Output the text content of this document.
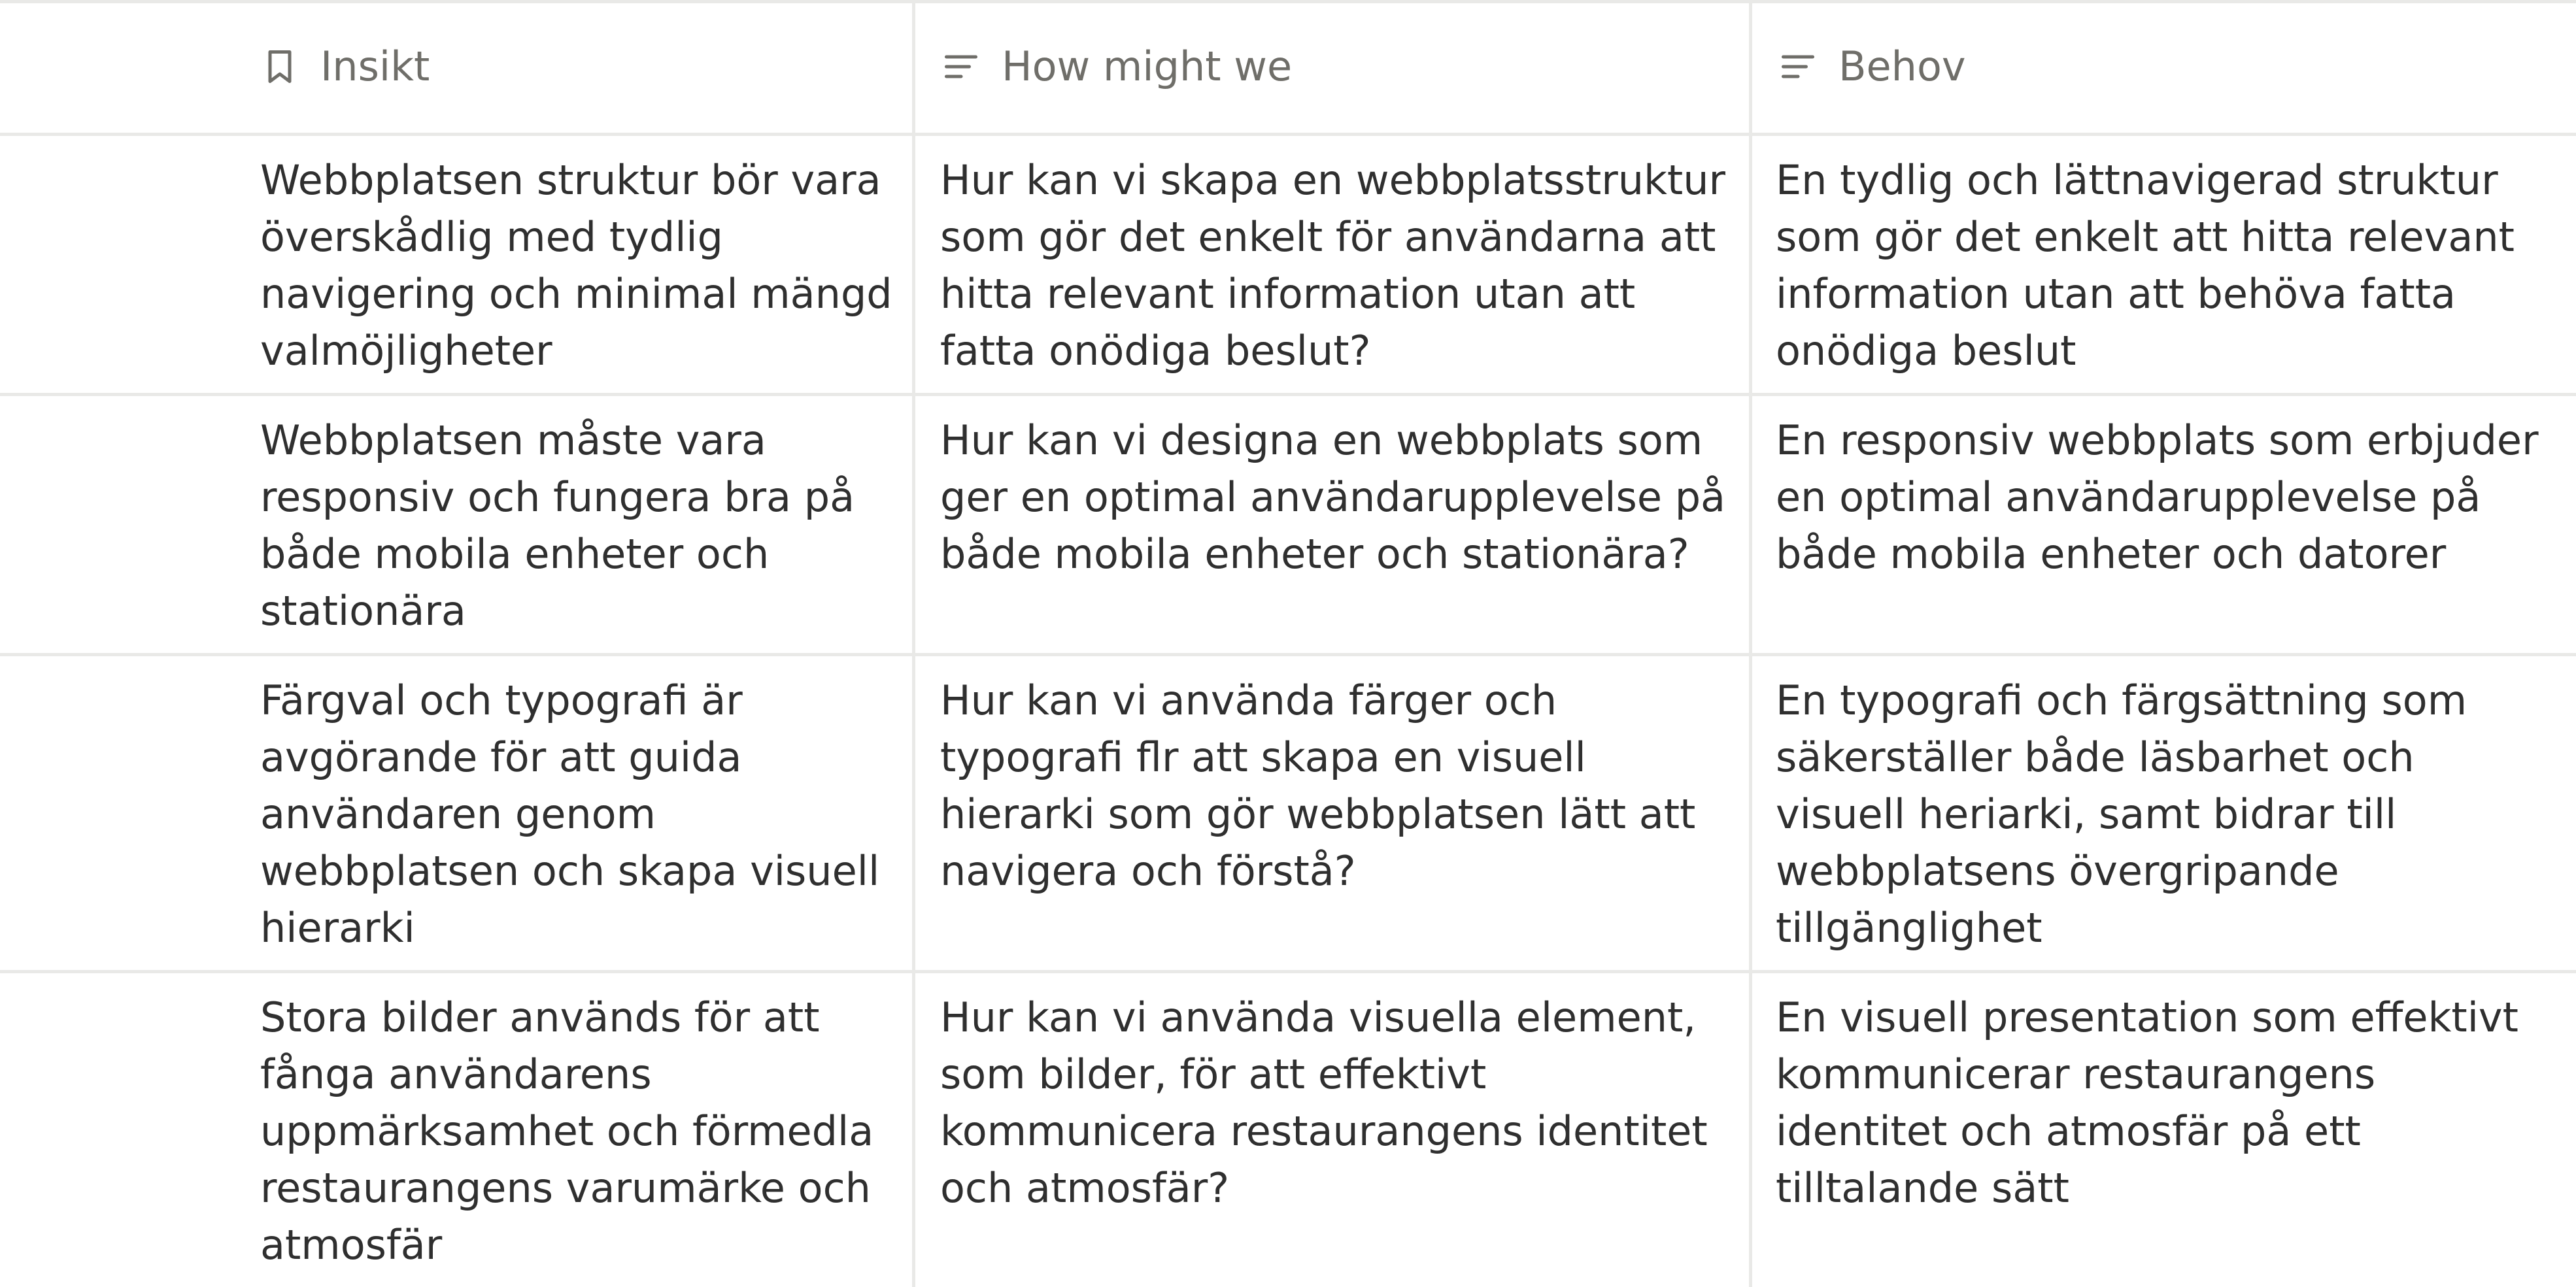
Insikt	How might we	Behov
Webbplatsen struktur bör vara överskådlig med tydlig navigering och minimal mängd valmöjligheter
Hur kan vi skapa en webbplatsstruktur som gör det enkelt för användarna att hitta relevant information utan att fatta onödiga beslut?
En tydlig och lättnavigerad struktur som gör det enkelt att hitta relevant information utan att behöva fatta onödiga beslut
Webbplatsen måste vara responsiv och fungera bra på både mobila enheter och stationära
Hur kan vi designa en webbplats som ger en optimal användarupplevelse på både mobila enheter och stationära?
En responsiv webbplats som erbjuder en optimal användarupplevelse på både mobila enheter och datorer
Färgval och typografi är avgörande för att guida användaren genom webbplatsen och skapa visuell hierarki
Hur kan vi använda färger och typografi flr att skapa en visuell hierarki som gör webbplatsen lätt att navigera och förstå?
En typografi och färgsättning som säkerställer både läsbarhet och visuell heriarki, samt bidrar till webbplatsens övergripande tillgänglighet
Stora bilder används för att fånga användarens uppmärksamhet och förmedla restaurangens varumärke och atmosfär
Hur kan vi använda visuella element, som bilder, för att effektivt kommunicera restaurangens identitet och atmosfär?
En visuell presentation som effektivt kommunicerar restaurangens identitet och atmosfär på ett tilltalande sätt
